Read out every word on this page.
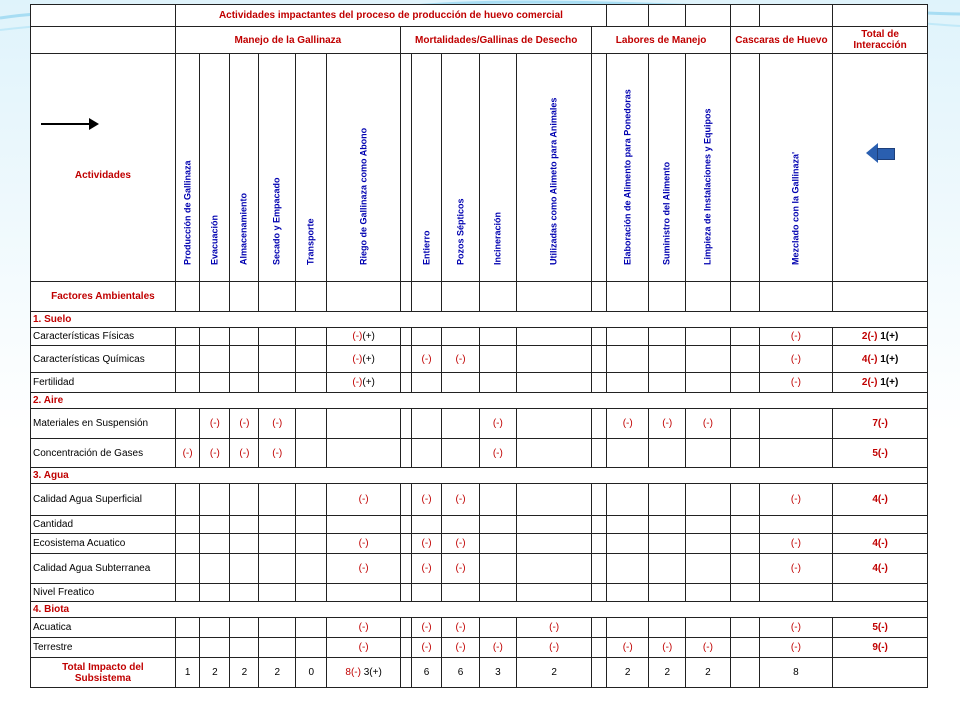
	Actividades impactantes del proceso de producción de huevo comercial																	
	Manejo de la Gallinaza						Mortalidades/Gallinas de Desecho					Labores de Manejo				Cascaras de Huevo		Total de Interacción

Actividades	Producción de Gallinaza	Evacuación	Almacenamiento	Secado y Empacado	Transporte	Riego de Gallinaza como Abono		Entierro	Pozos Sépticos	Incineración	Utilizadas como Alimeto para Animales		Elaboración de Alimento para Ponedoras	Suministro del Alimento	Limpieza de Instalaciones y Equipos		Mezclado con la Gallinaza'	

Factores Ambientales																		
1. Suelo																		
Características Físicas						(-)(+)											(-)	2(-) 1(+)
Características Químicas						(-)(+)		(-)	(-)								(-)	4(-) 1(+)
Fertilidad						(-)(+)											(-)	2(-) 1(+)
2. Aire																		
Materiales en Suspensión		(-)	(-)	(-)						(-)			(-)	(-)	(-)			7(-)
Concentración de Gases	(-)	(-)	(-)	(-)						(-)								5(-)
3. Agua																		
Calidad Agua Superficial						(-)		(-)	(-)								(-)	4(-)
Cantidad																		
Ecosistema Acuatico						(-)		(-)	(-)								(-)	4(-)
Calidad Agua Subterranea						(-)		(-)	(-)								(-)	4(-)
Nivel Freatico																		
4. Biota																		
Acuatica						(-)		(-)	(-)		(-)						(-)	5(-)
Terrestre						(-)		(-)	(-)	(-)	(-)		(-)	(-)	(-)		(-)	9(-)
Total Impacto del Subsistema	1	2	2	2	0	8(-) 3(+)		6	6	3	2		2	2	2		8	
